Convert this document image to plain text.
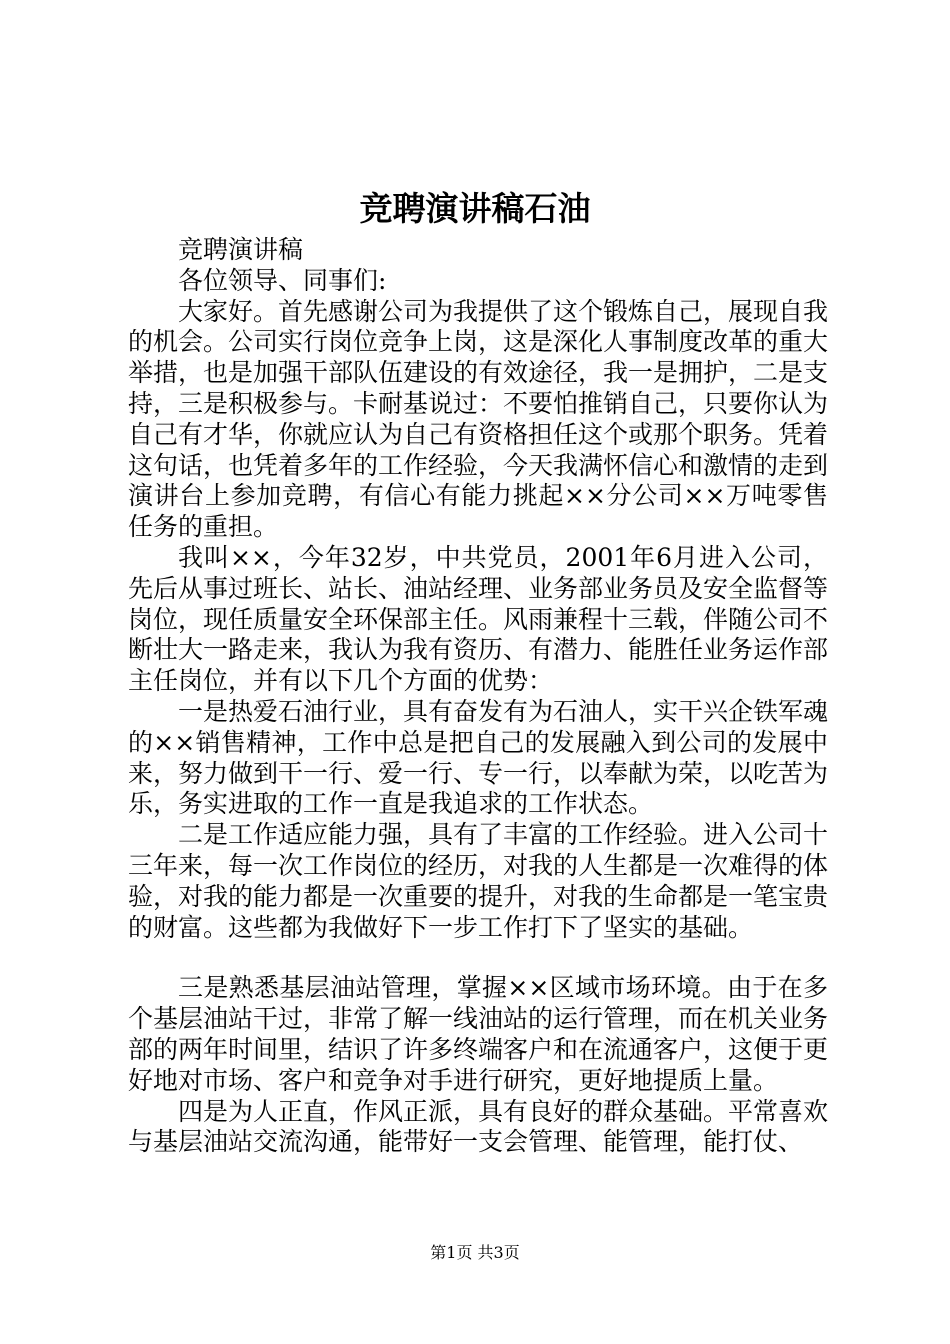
竞聘演讲稿石油

竞聘演讲稿

各位领导、同事们:

大家好。首先感谢公司为我提供了这个锻炼自己，展现自我的机会。公司实行岗位竞争上岗，这是深化人事制度改革的重大举措，也是加强干部队伍建设的有效途径，我一是拥护，二是支持，三是积极参与。卡耐基说过：不要怕推销自己，只要你认为自己有才华，你就应认为自己有资格担任这个或那个职务。凭着这句话，也凭着多年的工作经验，今天我满怀信心和激情的走到演讲台上参加竞聘，有信心有能力挑起××分公司××万吨零售任务的重担。

我叫××，今年32岁，中共党员，2001年6月进入公司，先后从事过班长、站长、油站经理、业务部业务员及安全监督等岗位，现任质量安全环保部主任。风雨兼程十三载，伴随公司不断壮大一路走来，我认为我有资历、有潜力、能胜任业务运作部主任岗位，并有以下几个方面的优势：

一是热爱石油行业，具有奋发有为石油人，实干兴企铁军魂的××销售精神，工作中总是把自己的发展融入到公司的发展中来，努力做到干一行、爱一行、专一行，以奉献为荣，以吃苦为乐，务实进取的工作一直是我追求的工作状态。

二是工作适应能力强，具有了丰富的工作经验。进入公司十三年来，每一次工作岗位的经历，对我的人生都是一次难得的体验，对我的能力都是一次重要的提升，对我的生命都是一笔宝贵的财富。这些都为我做好下一步工作打下了坚实的基础。

三是熟悉基层油站管理，掌握××区域市场环境。由于在多个基层油站干过，非常了解一线油站的运行管理，而在机关业务部的两年时间里，结识了许多终端客户和在流通客户，这便于更好地对市场、客户和竞争对手进行研究，更好地提质上量。

四是为人正直，作风正派，具有良好的群众基础。平常喜欢与基层油站交流沟通，能带好一支会管理、能管理，能打仗、

第1页 共3页
